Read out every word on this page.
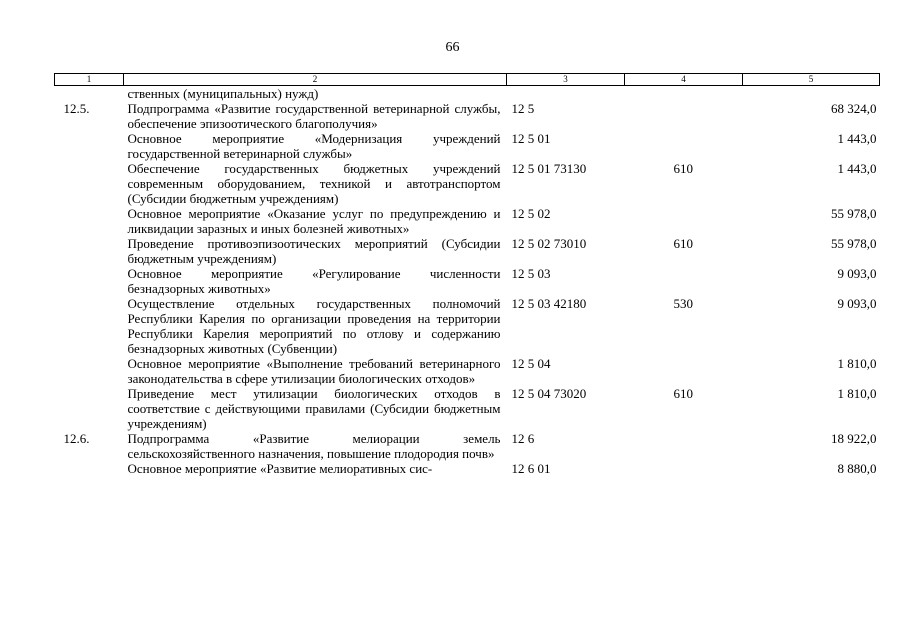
66
1	2	3	4	5
	ственных (муниципальных) нужд)			
12.5.	Подпрограмма «Развитие государственной ветеринарной службы, обеспечение эпизоотического благополучия»	12 5		68 324,0
	Основное мероприятие «Модернизация учреждений государственной ветеринарной службы»	12 5 01		1 443,0
	Обеспечение государственных бюджетных учреждений современным оборудованием, техникой и автотранспортом (Субсидии бюджетным учреждениям)	12 5 01 73130	610	1 443,0
	Основное мероприятие «Оказание услуг по предупреждению и ликвидации заразных и иных болезней животных»	12 5 02		55 978,0
	Проведение противоэпизоотических мероприятий (Субсидии бюджетным учреждениям)	12 5 02 73010	610	55 978,0
	Основное мероприятие «Регулирование численности безнадзорных животных»	12 5 03		9 093,0
	Осуществление отдельных государственных полномочий Республики Карелия по организации проведения на территории Республики Карелия мероприятий по отлову и содержанию безнадзорных животных (Субвенции)	12 5 03 42180	530	9 093,0
	Основное мероприятие «Выполнение требований ветеринарного законодательства в сфере утилизации биологических отходов»	12 5 04		1 810,0
	Приведение мест утилизации биологических отходов в соответствие с действующими правилами (Субсидии бюджетным учреждениям)	12 5 04 73020	610	1 810,0
12.6.	Подпрограмма «Развитие мелиорации земель сельскохозяйственного назначения, повышение плодородия почв»	12 6		18 922,0
	Основное мероприятие «Развитие мелиоративных сис-	12 6 01		8 880,0
